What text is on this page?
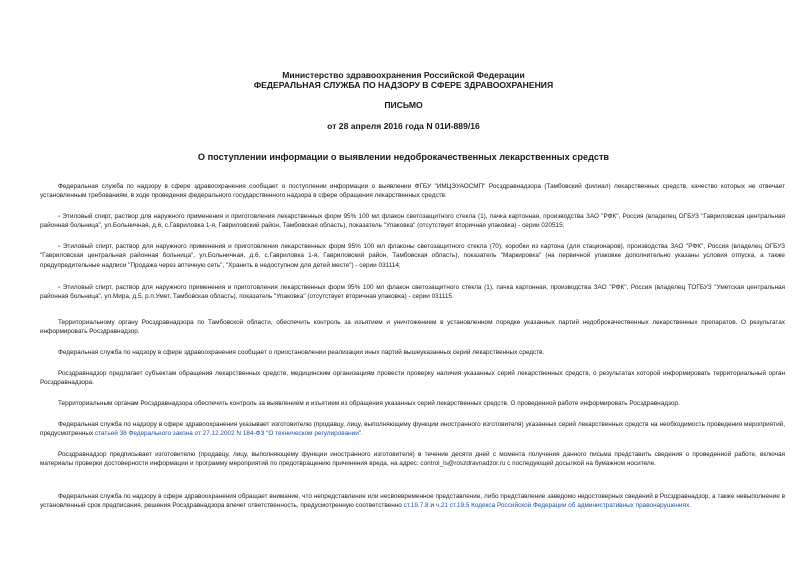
Министерство здравоохранения Российской Федерации
ФЕДЕРАЛЬНАЯ СЛУЖБА ПО НАДЗОРУ В СФЕРЕ ЗДРАВООХРАНЕНИЯ
ПИСЬМО
от 28 апреля 2016 года N 01И-889/16
О поступлении информации о выявлении недоброкачественных лекарственных средств

Федеральная служба по надзору в сфере здравоохранения сообщает о поступлении информации о выявлении ФГБУ "ИМЦЭУАОСМП" Росздравнадзора (Тамбовский филиал) лекарственных средств, качество которых не отвечает установленным требованиям, в ходе проведения федерального государственного надзора в сфере обращения лекарственных средств:

- Этиловый спирт, раствор для наружного применения и приготовления лекарственных форм 95% 100 мл флакон светозащитного стекла (1), пачка картонная, производства ЗАО "РФК", Россия (владелец ОГБУЗ "Гавриловская центральная районная больница", ул.Больничная, д.6, с.Гавриловка 1-я, Гавриловский район, Тамбовская область), показатель "Упаковка" (отсутствует вторичная упаковка) - серии 020515;

- Этиловый спирт, раствор для наружного применения и приготовления лекарственных форм 95% 100 мл флаконы светозащитного стекла (70), коробки из картона (для стационаров), производства ЗАО "РФК", Россия (владелец ОГБУЗ "Гавриловская центральная районная больница", ул.Больничная, д.6, с.Гавриловка 1-я, Гавриловский район, Тамбовская область), показатель "Маркировка" (на первичной упаковке дополнительно указаны условия отпуска, а также предупредительные надписи "Продажа через аптечную сеть", "Хранить в недоступном для детей месте") - серии 031114;

- Этиловый спирт, раствор для наружного применения и приготовления лекарственных форм 95% 100 мл флакон светозащитного стекла (1), пачка картонная, производства ЗАО "РФК", Россия (владелец ТОГБУЗ "Уметская центральная районная больница", ул.Мира, д.5, р.п.Умет, Тамбовская область), показатель "Упаковка" (отсутствует вторичная упаковка) - серии 031115.

Территориальному органу Росздравнадзора по Тамбовской области, обеспечить контроль за изъятием и уничтожением в установленном порядке указанных партий недоброкачественных лекарственных препаратов. О результатах информировать Росздравнадзор.

Федеральная служба по надзору в сфере здравоохранения сообщает о приостановлении реализации иных партий вышеуказанных серий лекарственных средств.

Росздравнадзор предлагает субъектам обращения лекарственных средств, медицинским организациям провести проверку наличия указанных серий лекарственных средств, о результатах которой информировать территориальный орган Росздравнадзора.

Территориальным органам Росздравнадзора обеспечить контроль за выявлением и изъятием из обращения указанных серий лекарственных средств. О проведенной работе информировать Росздравнадзор.

Федеральная служба по надзору в сфере здравоохранения указывает изготовителю (продавцу, лицу, выполняющему функции иностранного изготовителя) указанных серий лекарственных средств на необходимость проведения мероприятий, предусмотренных статьей 38 Федерального закона от 27.12.2002 N 184-ФЗ "О техническом регулировании".

Росздравнадзор предписывает изготовителю (продавцу, лицу, выполняющему функции иностранного изготовителя) в течение десяти дней с момента получения данного письма представить сведения о проведенной работе, включая материалы проверки достоверности информации и программу мероприятий по предотвращению причинения вреда, на адрес: control_ls@roszdravnadzor.ru с последующей досылкой на бумажном носителе.

Федеральная служба по надзору в сфере здравоохранения обращает внимание, что непредставление или несвоевременное представление, либо представление заведомо недостоверных сведений в Росздравнадзор, а также невыполнение в установленный срок предписания, решения Росздравнадзора влечет ответственность, предусмотренную соответственно ст.19.7.8 и ч.21 ст.19.5 Кодекса Российской Федерации об административных правонарушениях.
